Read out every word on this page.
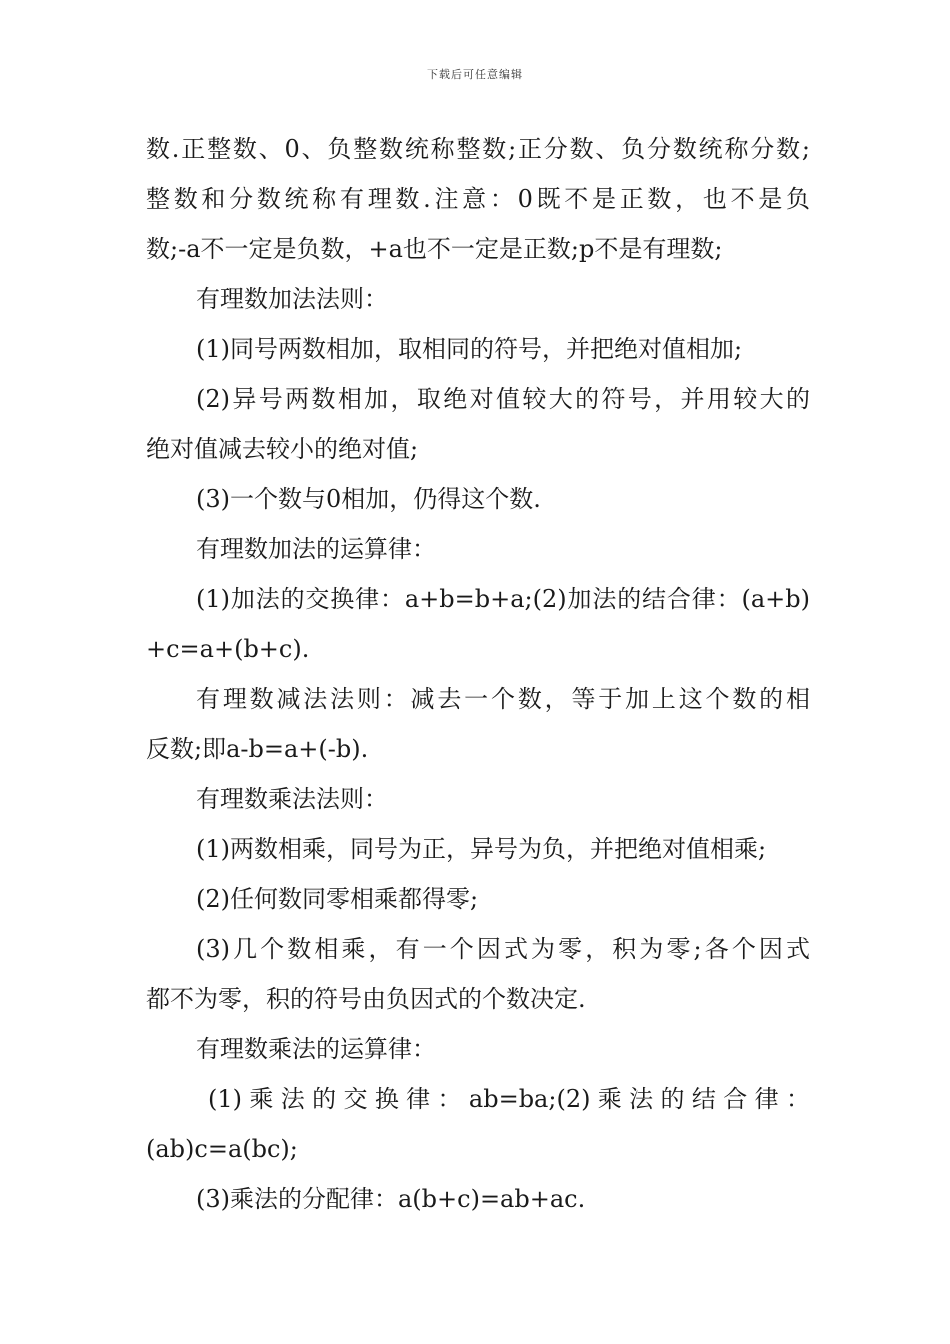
下载后可任意编辑
数.正整数、0、负整数统称整数;正分数、负分数统称分数;
整数和分数统称有理数.注意：0既不是正数，也不是负
数;-a不一定是负数，+a也不一定是正数;p不是有理数;
有理数加法法则：
(1)同号两数相加，取相同的符号，并把绝对值相加;
(2)异号两数相加，取绝对值较大的符号，并用较大的
绝对值减去较小的绝对值;
(3)一个数与0相加，仍得这个数.
有理数加法的运算律：
(1)加法的交换律：a+b=b+a;(2)加法的结合律：(a+b)
+c=a+(b+c).
有理数减法法则：减去一个数，等于加上这个数的相
反数;即a-b=a+(-b).
有理数乘法法则：
(1)两数相乘，同号为正，异号为负，并把绝对值相乘;
(2)任何数同零相乘都得零;
(3)几个数相乘，有一个因式为零，积为零;各个因式
都不为零，积的符号由负因式的个数决定.
有理数乘法的运算律：
(1)乘法的交换律：ab=ba;(2)乘法的结合律：
(ab)c=a(bc);
(3)乘法的分配律：a(b+c)=ab+ac.
